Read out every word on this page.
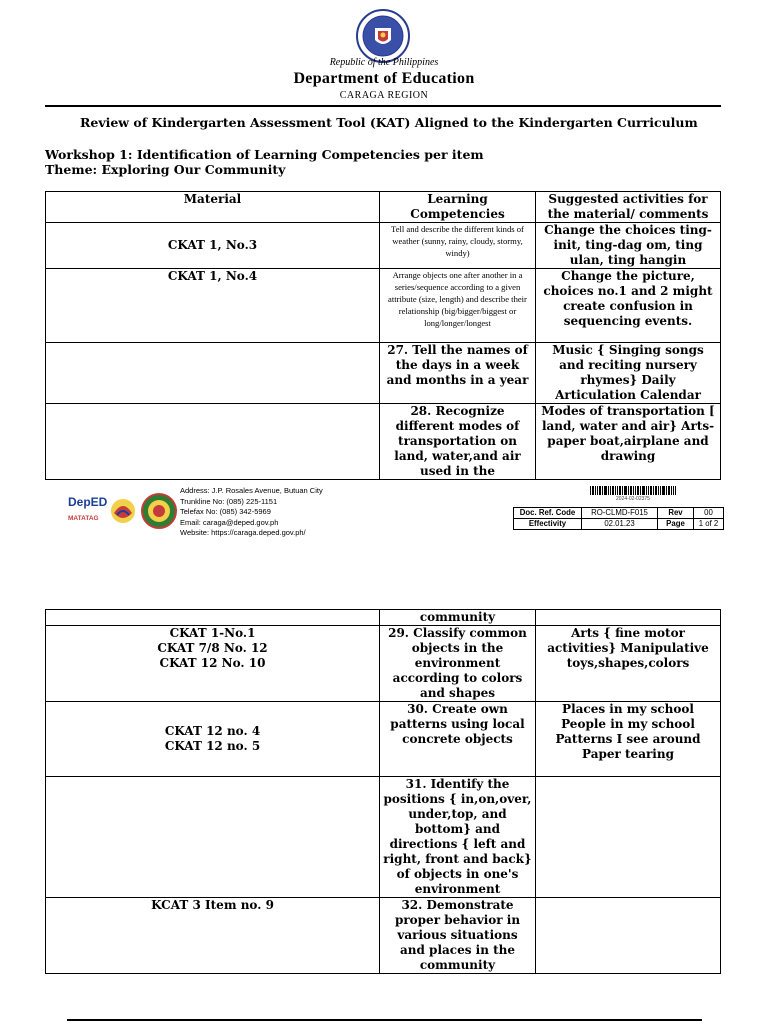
Republic of the Philippines
Department of Education
CARAGA REGION
Review of Kindergarten Assessment Tool (KAT) Aligned to the Kindergarten Curriculum
Workshop 1: Identification of Learning Competencies per item
Theme: Exploring Our Community
Material	Learning Competencies	Suggested activities for the material/ comments
CKAT 1, No.3	Tell and describe the different kinds of weather (sunny, rainy, cloudy, stormy, windy)	Change the choices ting-init, ting-dag om, ting ulan, ting hangin
CKAT 1, No.4	Arrange objects one after another in a series/sequence according to a given attribute (size, length) and describe their relationship (big/bigger/biggest or long/longer/longest	Change the picture, choices no.1 and 2 might create confusion in sequencing events.
	27. Tell the names of the days in a week and months in a year	Music { Singing songs and reciting nursery rhymes} Daily Articulation Calendar
	28. Recognize different modes of transportation on land, water,and air used in the	Modes of transportation [ land, water and air} Arts- paper boat,airplane and drawing
DepED
MATATAG
Address: J.P. Rosales Avenue, Butuan City
Trunkline No: (085) 225-1151
Telefax No: (085) 342-5969
Email: caraga@deped.gov.ph
Website: https://caraga.deped.gov.ph/
2024-02-02375
Doc. Ref. Code	RO-CLMD-F015	Rev	00
Effectivity	02.01.23	Page	1 of 2
	community	
CKAT 1-No.1
CKAT 7/8 No. 12
CKAT 12 No. 10	29. Classify common objects in the environment according to colors and shapes	Arts { fine motor activities} Manipulative toys,shapes,colors
CKAT 12 no. 4
CKAT 12 no. 5	30. Create own patterns using local concrete objects	Places in my school People in my school Patterns I see around Paper tearing
	31. Identify the positions { in,on,over, under,top, and bottom} and directions { left and right, front and back} of objects in one's environment	
KCAT 3 Item no. 9	32. Demonstrate proper behavior in various situations and places in the community	
